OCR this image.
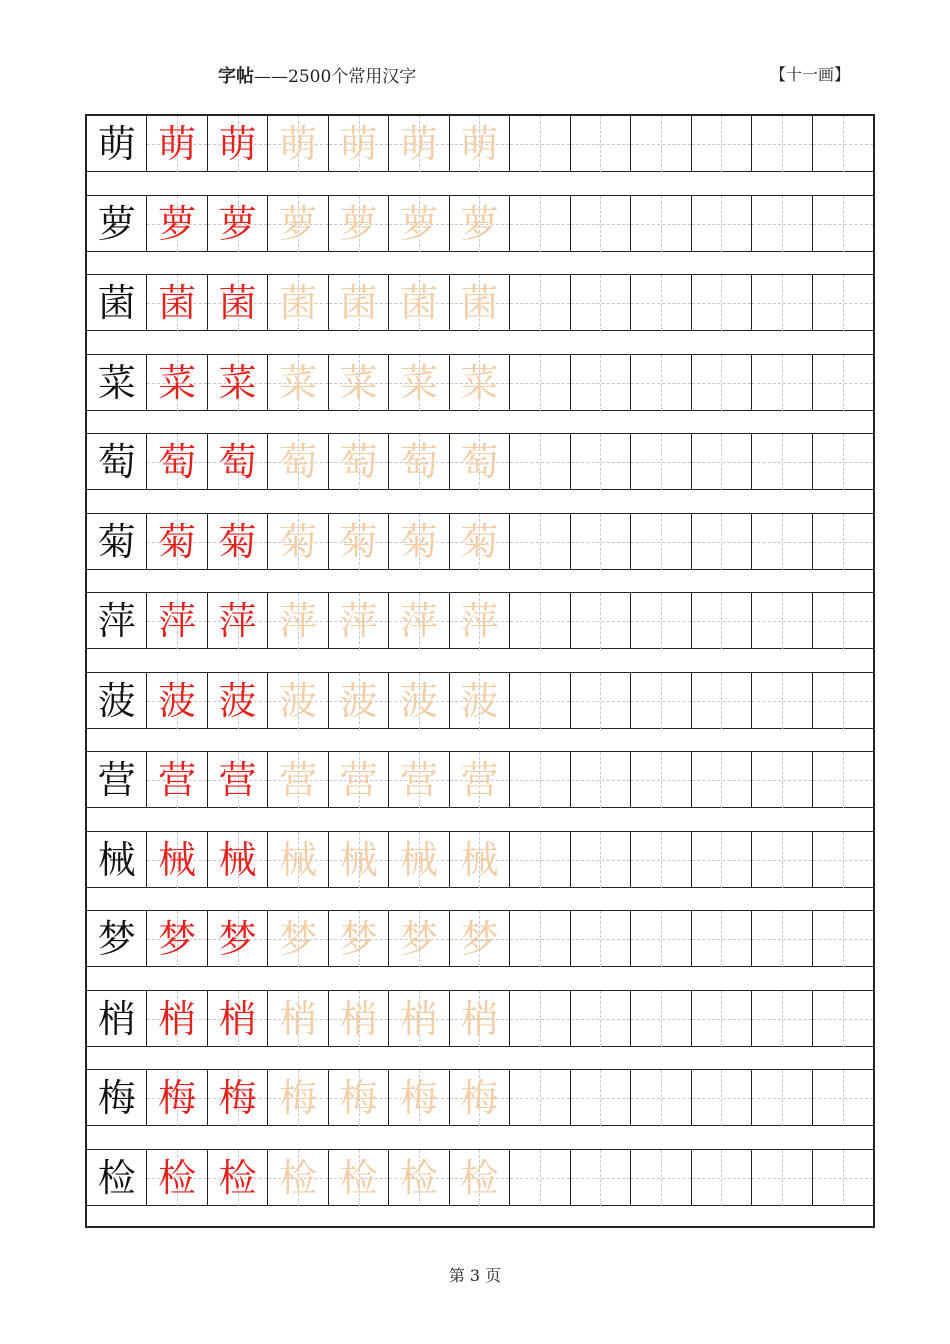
字帖——2500个常用汉字	【十一画】
萌 萌 萌 萌 萌 萌 萌
萝 萝 萝 萝 萝 萝 萝
菌 菌 菌 菌 菌 菌 菌
菜 菜 菜 菜 菜 菜 菜
萄 萄 萄 萄 萄 萄 萄
菊 菊 菊 菊 菊 菊 菊
萍 萍 萍 萍 萍 萍 萍
菠 菠 菠 菠 菠 菠 菠
营 营 营 营 营 营 营
械 械 械 械 械 械 械
梦 梦 梦 梦 梦 梦 梦
梢 梢 梢 梢 梢 梢 梢
梅 梅 梅 梅 梅 梅 梅
检 检 检 检 检 检 检
第 3 页
